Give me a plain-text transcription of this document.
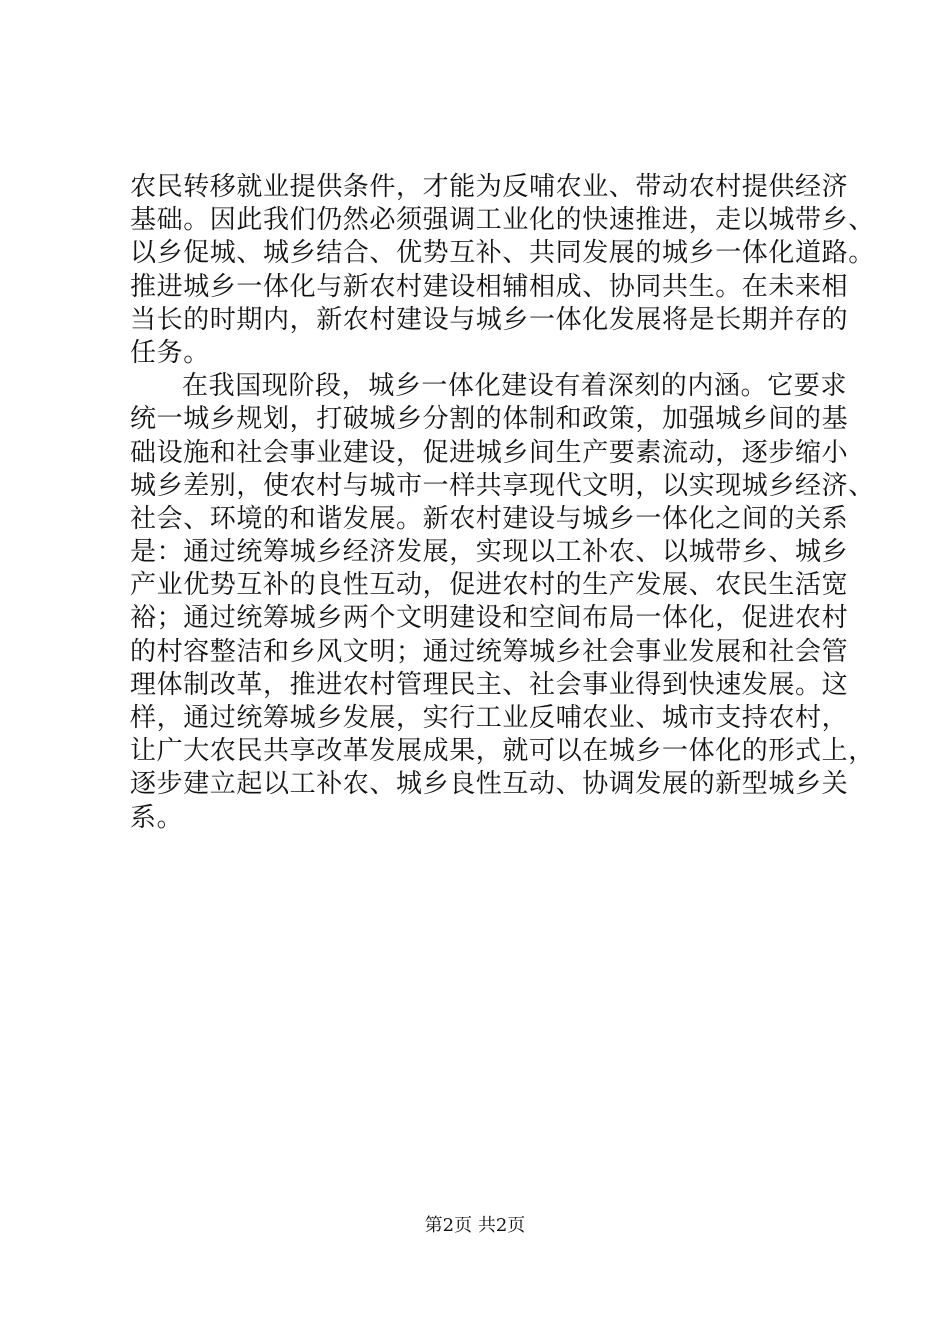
农民转移就业提供条件，才能为反哺农业、带动农村提供经济
基础。因此我们仍然必须强调工业化的快速推进，走以城带乡、
以乡促城、城乡结合、优势互补、共同发展的城乡一体化道路。
推进城乡一体化与新农村建设相辅相成、协同共生。在未来相
当长的时期内，新农村建设与城乡一体化发展将是长期并存的
任务。
在我国现阶段，城乡一体化建设有着深刻的内涵。它要求
统一城乡规划，打破城乡分割的体制和政策，加强城乡间的基
础设施和社会事业建设，促进城乡间生产要素流动，逐步缩小
城乡差别，使农村与城市一样共享现代文明，以实现城乡经济、
社会、环境的和谐发展。新农村建设与城乡一体化之间的关系
是：通过统筹城乡经济发展，实现以工补农、以城带乡、城乡
产业优势互补的良性互动，促进农村的生产发展、农民生活宽
裕；通过统筹城乡两个文明建设和空间布局一体化，促进农村
的村容整洁和乡风文明；通过统筹城乡社会事业发展和社会管
理体制改革，推进农村管理民主、社会事业得到快速发展。这
样，通过统筹城乡发展，实行工业反哺农业、城市支持农村，
让广大农民共享改革发展成果，就可以在城乡一体化的形式上，
逐步建立起以工补农、城乡良性互动、协调发展的新型城乡关
系。
第2页 共2页
